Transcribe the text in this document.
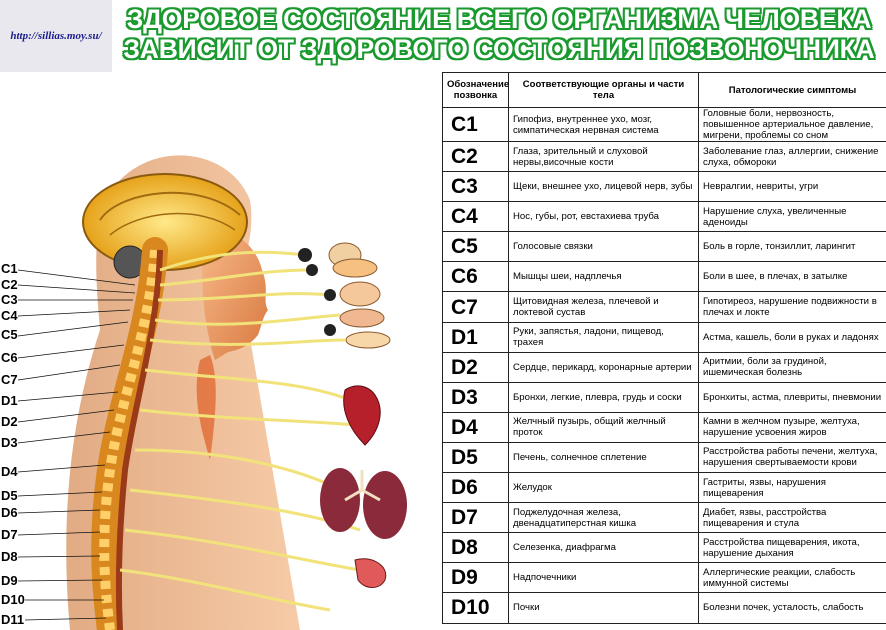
http://sillias.moy.su/
ЗДОРОВОЕ СОСТОЯНИЕ ВСЕГО ОРГАНИЗМА ЧЕЛОВЕКА
ЗАВИСИТ ОТ ЗДОРОВОГО СОСТОЯНИЯ ПОЗВОНОЧНИКА
C1
C2
C3
C4
C5
C6
C7
D1
D2
D3
D4
D5
D6
D7
D8
D9
D10
D11
Обозначение позвонка	Соответствующие органы и части тела	Патологические симптомы
C1	Гипофиз, внутреннее ухо, мозг, симпатическая нервная система	Головные боли, нервозность, повышенное артериальное давление, мигрени, проблемы со сном
C2	Глаза, зрительный и слуховой нервы,височные кости	Заболевание глаз, аллергии, снижение слуха, обмороки
C3	Щеки, внешнее ухо, лицевой нерв, зубы	Невралгии, невриты, угри
C4	Нос, губы, рот, евстахиева труба	Нарушение слуха, увеличенные аденоиды
C5	Голосовые связки	Боль в горле, тонзиллит, ларингит
C6	Мышцы шеи, надплечья	Боли в шее, в плечах, в затылке
C7	Щитовидная железа, плечевой и локтевой сустав	Гипотиреоз, нарушение подвижности в плечах и локте
D1	Руки, запястья, ладони, пищевод, трахея	Астма, кашель, боли в руках и ладонях
D2	Сердце, перикард, коронарные артерии	Аритмии, боли за грудиной, ишемическая болезнь
D3	Бронхи, легкие, плевра, грудь и соски	Бронхиты, астма, плевриты, пневмонии
D4	Желчный пузырь, общий желчный проток	Камни в желчном пузыре, желтуха, нарушение усвоения жиров
D5	Печень, солнечное сплетение	Расстройства работы печени, желтуха, нарушения свертываемости крови
D6	Желудок	Гастриты, язвы, нарушения пищеварения
D7	Поджелудочная железа, двенадцатиперстная кишка	Диабет, язвы, расстройства пищеварения и стула
D8	Селезенка, диафрагма	Расстройства пищеварения, икота, нарушение дыхания
D9	Надпочечники	Аллергические реакции, слабость иммунной системы
D10	Почки	Болезни почек, усталость, слабость
